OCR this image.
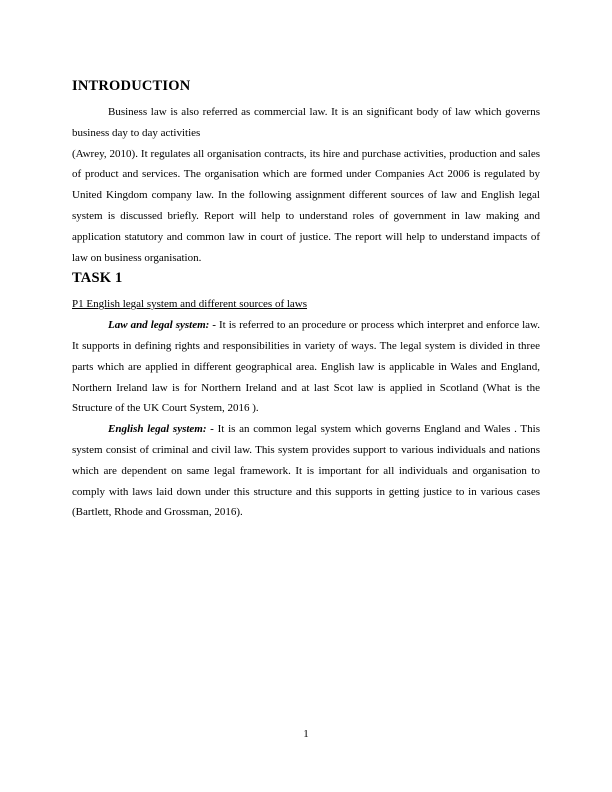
INTRODUCTION

Business law is also referred as commercial law. It is an significant body of law which governs business day to day activities

(Awrey, 2010). It regulates all organisation contracts, its hire and purchase activities, production and sales of product and services. The organisation which are formed under Companies Act 2006 is regulated by United Kingdom company law. In the following assignment different sources of law and English legal system is discussed briefly. Report will help to understand roles of government in law making and application statutory and common law in court of justice. The report will help to understand impacts of law on business organisation.

TASK 1

P1 English legal system and different sources of laws

Law and legal system: - It is referred to an procedure or process which interpret and enforce law. It supports in defining rights and responsibilities in variety of ways. The legal system is divided in three parts which are applied in different geographical area. English law is applicable in Wales and England, Northern Ireland law is for Northern Ireland and at last Scot law is applied in Scotland (What is the Structure of the UK Court System, 2016 ).

English legal system: - It is an common legal system which governs England and Wales . This system consist of criminal and civil law. This system provides support to various individuals and nations which are dependent on same legal framework. It is important for all individuals and organisation to comply with laws laid down under this structure and this supports in getting justice to in various cases (Bartlett, Rhode and Grossman, 2016).

1
